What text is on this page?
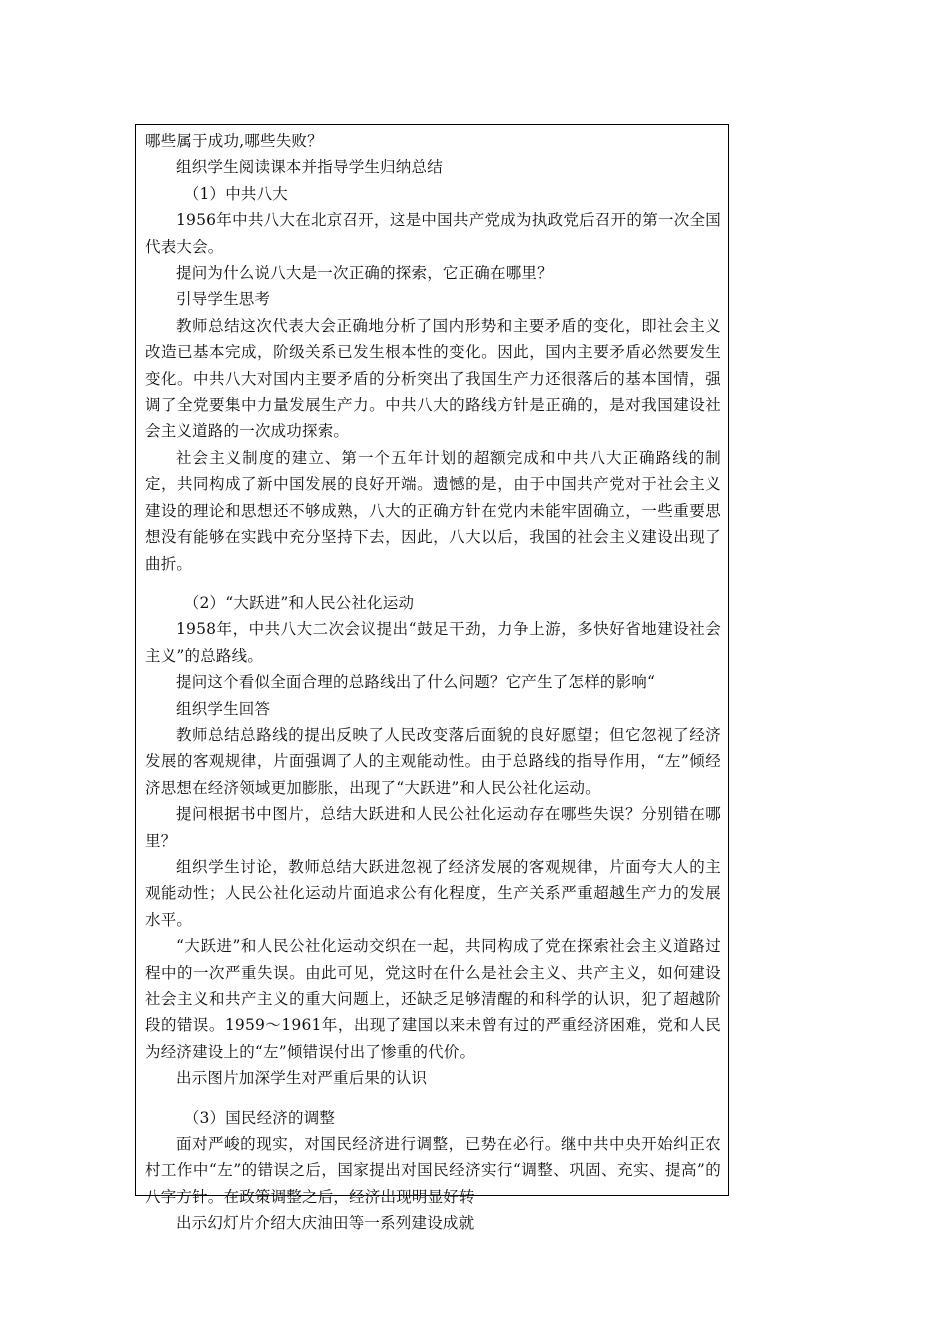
哪些属于成功,哪些失败？

组织学生阅读课本并指导学生归纳总结

（1）中共八大

1956年中共八大在北京召开，这是中国共产党成为执政党后召开的第一次全国代表大会。

提问为什么说八大是一次正确的探索，它正确在哪里？

引导学生思考

教师总结这次代表大会正确地分析了国内形势和主要矛盾的变化，即社会主义改造已基本完成，阶级关系已发生根本性的变化。因此，国内主要矛盾必然要发生变化。中共八大对国内主要矛盾的分析突出了我国生产力还很落后的基本国情，强调了全党要集中力量发展生产力。中共八大的路线方针是正确的，是对我国建设社会主义道路的一次成功探索。

社会主义制度的建立、第一个五年计划的超额完成和中共八大正确路线的制定，共同构成了新中国发展的良好开端。遗憾的是，由于中国共产党对于社会主义建设的理论和思想还不够成熟，八大的正确方针在党内未能牢固确立，一些重要思想没有能够在实践中充分坚持下去，因此，八大以后，我国的社会主义建设出现了曲折。

（2）“大跃进”和人民公社化运动

1958年，中共八大二次会议提出“鼓足干劲，力争上游，多快好省地建设社会主义”的总路线。

提问这个看似全面合理的总路线出了什么问题？它产生了怎样的影响“

组织学生回答

教师总结总路线的提出反映了人民改变落后面貌的良好愿望；但它忽视了经济发展的客观规律，片面强调了人的主观能动性。由于总路线的指导作用，“左”倾经济思想在经济领域更加膨胀，出现了“大跃进”和人民公社化运动。

提问根据书中图片，总结大跃进和人民公社化运动存在哪些失误？分别错在哪里？

组织学生讨论，教师总结大跃进忽视了经济发展的客观规律，片面夸大人的主观能动性；人民公社化运动片面追求公有化程度，生产关系严重超越生产力的发展水平。

“大跃进”和人民公社化运动交织在一起，共同构成了党在探索社会主义道路过程中的一次严重失误。由此可见，党这时在什么是社会主义、共产主义，如何建设社会主义和共产主义的重大问题上，还缺乏足够清醒的和科学的认识，犯了超越阶段的错误。1959～1961年，出现了建国以来未曾有过的严重经济困难，党和人民为经济建设上的“左”倾错误付出了惨重的代价。

出示图片加深学生对严重后果的认识

（3）国民经济的调整

面对严峻的现实，对国民经济进行调整，已势在必行。继中共中央开始纠正农村工作中“左”的错误之后，国家提出对国民经济实行“调整、巩固、充实、提高”的八字方针。在政策调整之后，经济出现明显好转

出示幻灯片介绍大庆油田等一系列建设成就
